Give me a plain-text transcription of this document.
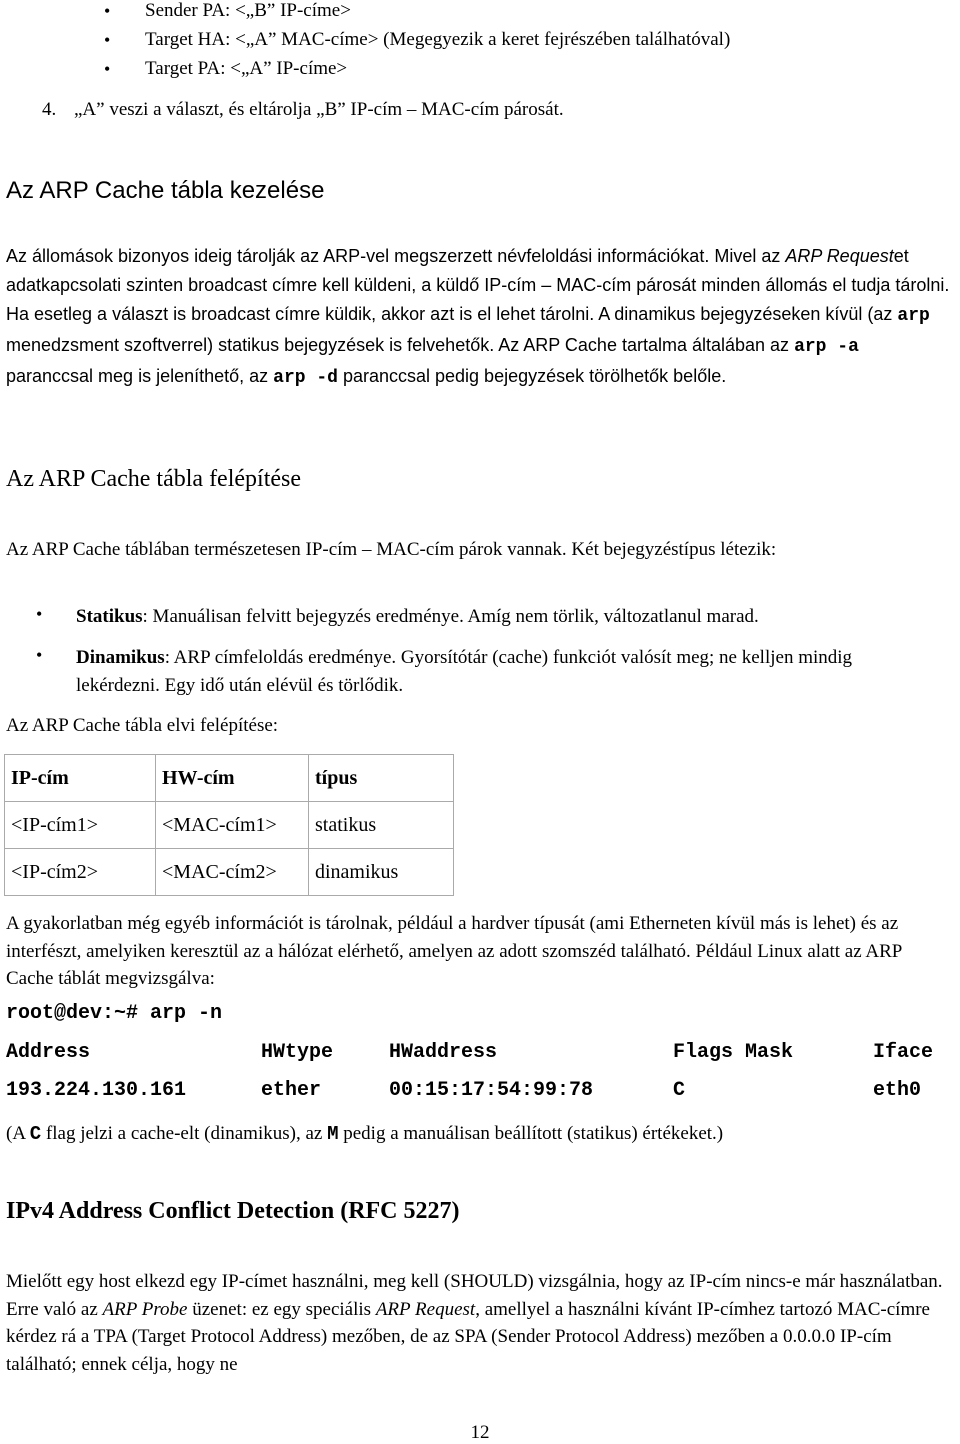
• Sender PA: <„B” IP-címe>
• Target HA: <„A” MAC-címe> (Megegyezik a keret fejrészében találhatóval)
• Target PA: <„A” IP-címe>
4. „A” veszi a választ, és eltárolja „B” IP-cím – MAC-cím párosát.
Az ARP Cache tábla kezelése

Az állomások bizonyos ideig tárolják az ARP-vel megszerzett névfeloldási információkat. Mivel az ARP Requestet adatkapcsolati szinten broadcast címre kell küldeni, a küldő IP-cím – MAC-cím párosát minden állomás el tudja tárolni. Ha esetleg a választ is broadcast címre küldik, akkor azt is el lehet tárolni. A dinamikus bejegyzéseken kívül (az arp menedzsment szoftverrel) statikus bejegyzések is felvehetők. Az ARP Cache tartalma általában az arp -a paranccsal meg is jeleníthető, az arp -d paranccsal pedig bejegyzések törölhetők belőle.

Az ARP Cache tábla felépítése

Az ARP Cache táblában természetesen IP-cím – MAC-cím párok vannak. Két bejegyzéstípus létezik:

• Statikus: Manuálisan felvitt bejegyzés eredménye. Amíg nem törlik, változatlanul marad.

• Dinamikus: ARP címfeloldás eredménye. Gyorsítótár (cache) funkciót valósít meg; ne kelljen mindig lekérdezni. Egy idő után elévül és törlődik.

Az ARP Cache tábla elvi felépítése:

IP-cím	HW-cím	típus
<IP-cím1>	<MAC-cím1>	statikus
<IP-cím2>	<MAC-cím2>	dinamikus

A gyakorlatban még egyéb információt is tárolnak, például a hardver típusát (ami Etherneten kívül más is lehet) és az interfészt, amelyiken keresztül az a hálózat elérhető, amelyen az adott szomszéd található. Például Linux alatt az ARP Cache táblát megvizsgálva:

root@dev:~# arp -n
Address	HWtype	HWaddress	Flags Mask	Iface
193.224.130.161	ether	00:15:17:54:99:78	C	eth0

(A C flag jelzi a cache-elt (dinamikus), az M pedig a manuálisan beállított (statikus) értékeket.)

IPv4 Address Conflict Detection (RFC 5227)

Mielőtt egy host elkezd egy IP-címet használni, meg kell (SHOULD) vizsgálnia, hogy az IP-cím nincs-e már használatban. Erre való az ARP Probe üzenet: ez egy speciális ARP Request, amellyel a használni kívánt IP-címhez tartozó MAC-címre kérdez rá a TPA (Target Protocol Address) mezőben, de az SPA (Sender Protocol Address) mezőben a 0.0.0.0 IP-cím található; ennek célja, hogy ne

12
